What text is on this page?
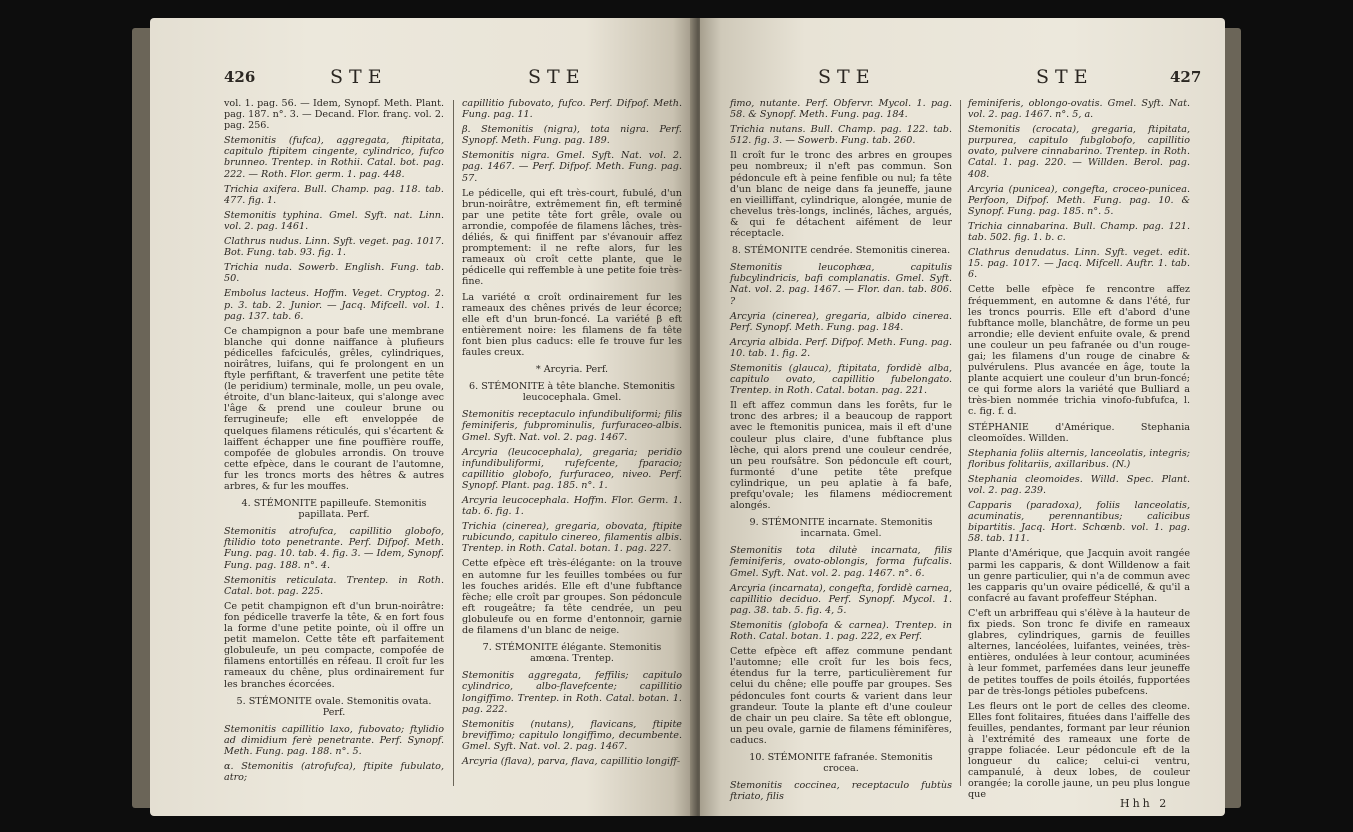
426	STE	STE

vol. 1. pag. 56. — Idem, Synopf. Meth. Plant. pag. 187. n°. 3. — Decand. Flor. franç. vol. 2. pag. 256.

Stemonitis (fufca), aggregata, ftipitata, capitulo ftipitem cingente, cylindrico, fufco brunneo. Trentep. in Rothii. Catal. bot. pag. 222. — Roth. Flor. germ. 1. pag. 448.

Trichia axifera. Bull. Champ. pag. 118. tab. 477. fig. 1.

Stemonitis typhina. Gmel. Syft. nat. Linn. vol. 2. pag. 1461.

Clathrus nudus. Linn. Syft. veget. pag. 1017. Bot. Fung. tab. 93. fig. 1.

Trichia nuda. Sowerb. English. Fung. tab. 50.

Embolus lacteus. Hoffm. Veget. Cryptog. 2. p. 3. tab. 2. Junior. — Jacq. Mifcell. vol. 1. pag. 137. tab. 6.

Ce champignon a pour bafe une membrane blanche qui donne naiffance à plufieurs pédicelles fafciculés, grêles, cylindriques, noirâtres, luifans, qui fe prolongent en un ftyle perfiftant, & traverfent une petite tête (le peridium) terminale, molle, un peu ovale, étroite, d'un blanc-laiteux, qui s'alonge avec l'âge & prend une couleur brune ou ferrugineufe; elle eft enveloppée de quelques filamens réticulés, qui s'écartent & laiffent échapper une fine pouffière rouffe, compofée de globules arrondis. On trouve cette efpèce, dans le courant de l'automne, fur les troncs morts des hêtres & autres arbres, & fur les mouffes.

4. STÉMONITE papilleufe. Stemonitis papillata. Perf.

Stemonitis atrofufca, capillitio globofo, ftilidio toto penetrante. Perf. Difpof. Meth. Fung. pag. 10. tab. 4. fig. 3. — Idem, Synopf. Fung. pag. 188. n°. 4.

Stemonitis reticulata. Trentep. in Roth. Catal. bot. pag. 225.

Ce petit champignon eft d'un brun-noirâtre: fon pédicelle traverfe la tête, & en fort fous la forme d'une petite pointe, où il offre un petit mamelon. Cette tête eft parfaitement globuleufe, un peu compacte, compofée de filamens entortillés en réfeau. Il croît fur les rameaux du chêne, plus ordinairement fur les branches écorcées.

5. STÉMONITE ovale. Stemonitis ovata. Perf.

Stemonitis capillitio laxo, fubovato; ftylidio ad dimidium ferè penetrante. Perf. Synopf. Meth. Fung. pag. 188. n°. 5.

α. Stemonitis (atrofufca), ftipite fubulato, atro;

capillitio fubovato, fufco. Perf. Difpof. Meth. Fung. pag. 11.

β. Stemonitis (nigra), tota nigra. Perf. Synopf. Meth. Fung. pag. 189.

Stemonitis nigra. Gmel. Syft. Nat. vol. 2. pag. 1467. — Perf. Difpof. Meth. Fung. pag. 57.

Le pédicelle, qui eft très-court, fubulé, d'un brun-noirâtre, extrêmement fin, eft terminé par une petite tête fort grêle, ovale ou arrondie, compofée de filamens lâches, très-déliés, & qui finiffent par s'évanouir affez promptement: il ne refte alors, fur les rameaux où croît cette plante, que le pédicelle qui reffemble à une petite foie très-fine.

La variété α croît ordinairement fur les rameaux des chênes privés de leur écorce; elle eft d'un brun-foncé. La variété β eft entièrement noire: les filamens de fa tête font bien plus caducs: elle fe trouve fur les faules creux.

* Arcyria. Perf.

6. STÉMONITE à tête blanche. Stemonitis leucocephala. Gmel.

Stemonitis receptaculo infundibuliformi; filis feminiferis, fubprominulis, furfuraceo-albis. Gmel. Syft. Nat. vol. 2. pag. 1467.

Arcyria (leucocephala), gregaria; peridio infundibuliformi, rufefcente, fparacio; capillitio globofo, furfuraceo, niveo. Perf. Synopf. Plant. pag. 185. n°. 1.

Arcyria leucocephala. Hoffm. Flor. Germ. 1. tab. 6. fig. 1.

Trichia (cinerea), gregaria, obovata, ftipite rubicundo, capitulo cinereo, filamentis albis. Trentep. in Roth. Catal. botan. 1. pag. 227.

Cette efpèce eft très-élégante: on la trouve en automne fur les feuilles tombées ou fur les fouches aridés. Elle eft d'une fubftance fèche; elle croît par groupes. Son pédoncule eft rougeâtre; fa tête cendrée, un peu globuleufe ou en forme d'entonnoir, garnie de filamens d'un blanc de neige.

7. STÉMONITE élégante. Stemonitis amœna. Trentep.

Stemonitis aggregata, feffilis; capitulo cylindrico, albo-flavefcente; capillitio longiffimo. Trentep. in Roth. Catal. botan. 1. pag. 222.

Stemonitis (nutans), flavicans, ftipite breviffimo; capitulo longiffimo, decumbente. Gmel. Syft. Nat. vol. 2. pag. 1467.

Arcyria (flava), parva, flava, capillitio longiff-

STE	STE	427

fimo, nutante. Perf. Obfervr. Mycol. 1. pag. 58. & Synopf. Meth. Fung. pag. 184.

Trichia nutans. Bull. Champ. pag. 122. tab. 512. fig. 3. — Sowerb. Fung. tab. 260.

Il croît fur le tronc des arbres en groupes peu nombreux; il n'eft pas commun. Son pédoncule eft à peine fenfible ou nul; fa tête d'un blanc de neige dans fa jeuneffe, jaune en vieilliffant, cylindrique, alongée, munie de chevelus très-longs, inclinés, lâches, argués, & qui fe détachent aifément de leur réceptacle.

8. STÉMONITE cendrée. Stemonitis cinerea.

Stemonitis leucophæa, capitulis fubcylindricis, bafi complanatis. Gmel. Syft. Nat. vol. 2. pag. 1467. — Flor. dan. tab. 806. ?

Arcyria (cinerea), gregaria, albido cinerea. Perf. Synopf. Meth. Fung. pag. 184.

Arcyria albida. Perf. Difpof. Meth. Fung. pag. 10. tab. 1. fig. 2.

Stemonitis (glauca), ftipitata, fordidè alba, capitulo ovato, capillitio fubelongato. Trentep. in Roth. Catal. botan. pag. 221.

Il eft affez commun dans les forêts, fur le tronc des arbres; il a beaucoup de rapport avec le ftemonitis punicea, mais il eft d'une couleur plus claire, d'une fubftance plus lèche, qui alors prend une couleur cendrée, un peu roufsâtre. Son pédoncule eft court, furmonté d'une petite tête prefque cylindrique, un peu aplatie à fa bafe, prefqu'ovale; les filamens médiocrement alongés.

9. STÉMONITE incarnate. Stemonitis incarnata. Gmel.

Stemonitis tota dilutè incarnata, filis feminiferis, ovato-oblongis, forma fufcalis. Gmel. Syft. Nat. vol. 2. pag. 1467. n°. 6.

Arcyria (incarnata), congefta, fordidè carnea, capillitio deciduo. Perf. Synopf. Mycol. 1. pag. 38. tab. 5. fig. 4, 5.

Stemonitis (globofa & carnea). Trentep. in Roth. Catal. botan. 1. pag. 222, ex Perf.

Cette efpèce eft affez commune pendant l'automne; elle croît fur les bois fecs, étendus fur la terre, particulièrement fur celui du chêne; elle pouffe par groupes. Ses pédoncules font courts & varient dans leur grandeur. Toute la plante eft d'une couleur de chair un peu claire. Sa tête eft oblongue, un peu ovale, garnie de filamens féminifères, caducs.

10. STÉMONITE fafranée. Stemonitis crocea.

Stemonitis coccinea, receptaculo fubtùs ftriato, filis

feminiferis, oblongo-ovatis. Gmel. Syft. Nat. vol. 2. pag. 1467. n°. 5, a.

Stemonitis (crocata), gregaria, ftipitata, purpurea, capitulo fubglobofo, capillitio ovato, pulvere cinnabarino. Trentep. in Roth. Catal. 1. pag. 220. — Willden. Berol. pag. 408.

Arcyria (punicea), congefta, croceo-punicea. Perfoon, Difpof. Meth. Fung. pag. 10. & Synopf. Fung. pag. 185. n°. 5.

Trichia cinnabarina. Bull. Champ. pag. 121. tab. 502. fig. 1. b. c.

Clathrus denudatus. Linn. Syft. veget. edit. 15. pag. 1017. — Jacq. Mifcell. Auftr. 1. tab. 6.

Cette belle efpèce fe rencontre affez fréquemment, en automne & dans l'été, fur les troncs pourris. Elle eft d'abord d'une fubftance molle, blanchâtre, de forme un peu arrondie; elle devient enfuite ovale, & prend une couleur un peu fafranée ou d'un rouge-gai; les filamens d'un rouge de cinabre & pulvérulens. Plus avancée en âge, toute la plante acquiert une couleur d'un brun-foncé; ce qui forme alors la variété que Bulliard a très-bien nommée trichia vinofo-fubfufca, l. c. fig. f. d.

STÉPHANIE d'Amérique. Stephania cleomoïdes. Willden.

Stephania foliis alternis, lanceolatis, integris; floribus folitariis, axillaribus. (N.)

Stephania cleomoides. Willd. Spec. Plant. vol. 2. pag. 239.

Capparis (paradoxa), foliis lanceolatis, acuminatis, perennantibus; calicibus bipartitis. Jacq. Hort. Schœnb. vol. 1. pag. 58. tab. 111.

Plante d'Amérique, que Jacquin avoit rangée parmi les capparis, & dont Willdenow a fait un genre particulier, qui n'a de commun avec les capparis qu'un ovaire pédicellé, & qu'il a confacré au favant profeffeur Stéphan.

C'eft un arbriffeau qui s'élève à la hauteur de fix pieds. Son tronc fe divife en rameaux glabres, cylindriques, garnis de feuilles alternes, lancéolées, luifantes, veinées, très-entières, ondulées à leur contour, acuminées à leur fommet, parfemées dans leur jeuneffe de petites touffes de poils étoilés, fupportées par de très-longs pétioles pubefcens.

Les fleurs ont le port de celles des cleome. Elles font folitaires, fituées dans l'aiffelle des feuilles, pendantes, formant par leur réunion à l'extrémité des rameaux une forte de grappe foliacée. Leur pédoncule eft de la longueur du calice; celui-ci ventru, campanulé, à deux lobes, de couleur orangée; la corolle jaune, un peu plus longue que

Hhh 2
